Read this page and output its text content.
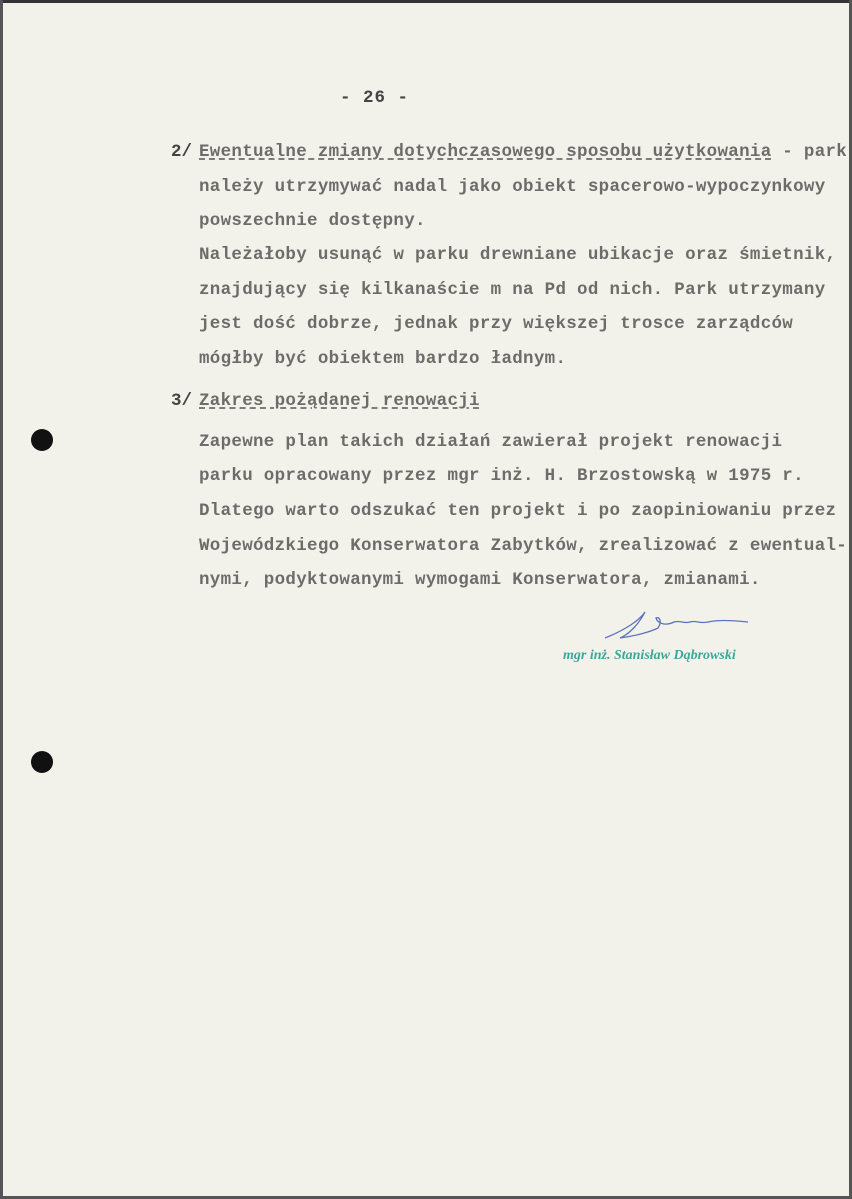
- 26 -
2/ Ewentualne zmiany dotychczasowego sposobu użytkowania - park
należy utrzymywać nadal jako obiekt spacerowo-wypoczynkowy
powszechnie dostępny.
Należałoby usunąć w parku drewniane ubikacje oraz śmietnik,
znajdujący się kilkanaście m na Pd od nich. Park utrzymany
jest dość dobrze, jednak przy większej trosce zarządców
mógłby być obiektem bardzo ładnym.
3/ Zakres pożądanej renowacji
Zapewne plan takich działań zawierał projekt renowacji
parku opracowany przez mgr inż. H. Brzostowską w 1975 r.
Dlatego warto odszukać ten projekt i po zaopiniowaniu przez
Wojewódzkiego Konserwatora Zabytków, zrealizować z ewentual-
nymi, podyktowanymi wymogami Konserwatora, zmianami.
mgr inż. Stanisław Dąbrowski
